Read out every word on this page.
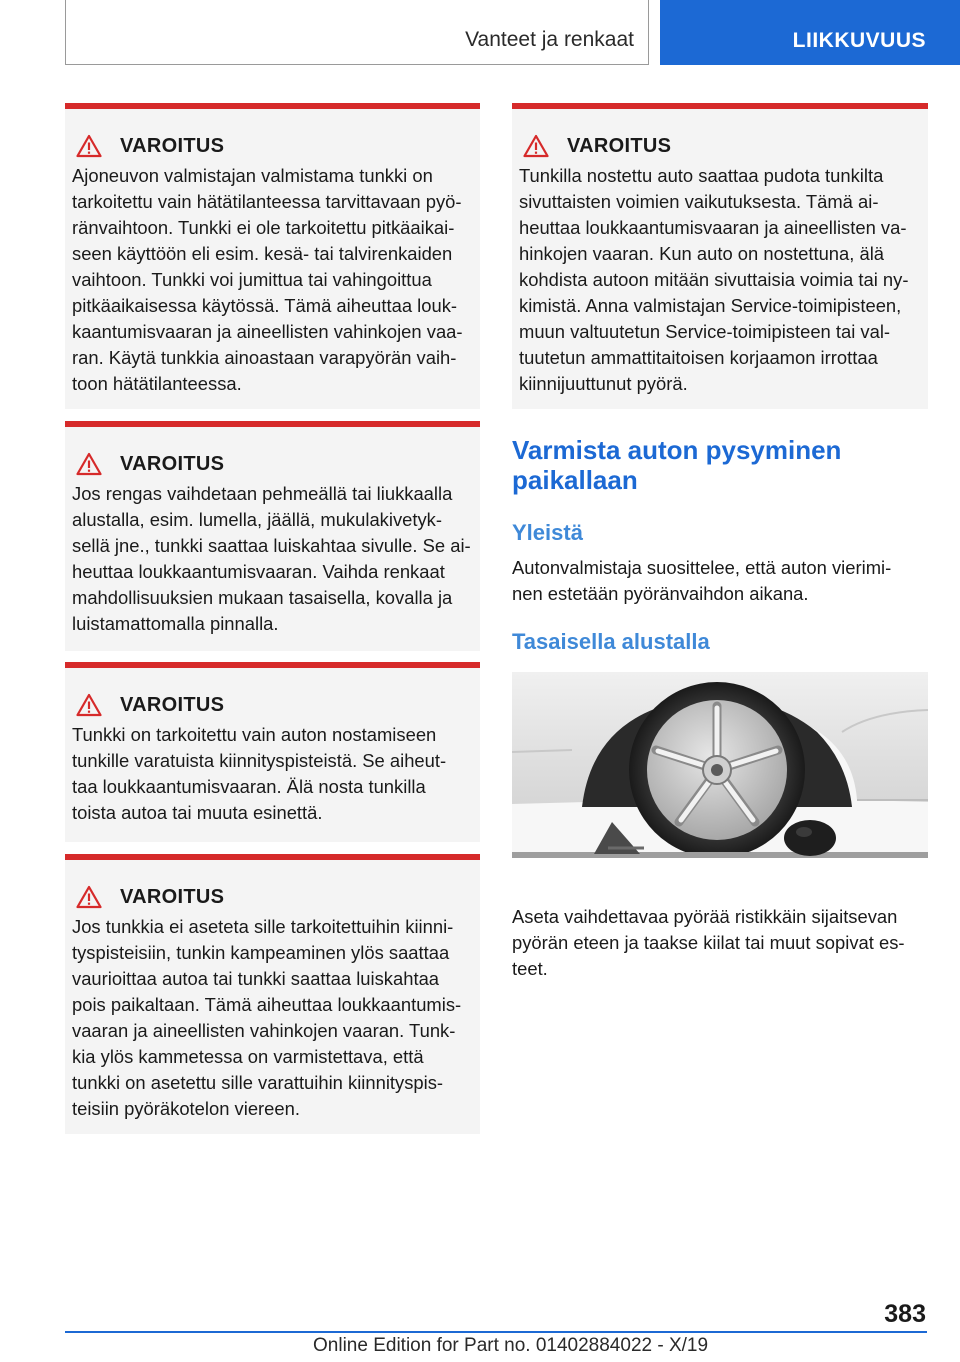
Vanteet ja renkaat	LIIKKUVUUS
VAROITUS
Ajoneuvon valmistajan valmistama tunkki on
tarkoitettu vain hätätilanteessa tarvittavaan pyö-
ränvaihtoon. Tunkki ei ole tarkoitettu pitkäaikai-
seen käyttöön eli esim. kesä- tai talvirenkaiden
vaihtoon. Tunkki voi jumittua tai vahingoittua
pitkäaikaisessa käytössä. Tämä aiheuttaa louk-
kaantumisvaaran ja aineellisten vahinkojen vaa-
ran. Käytä tunkkia ainoastaan varapyörän vaih-
toon hätätilanteessa.
VAROITUS
Jos rengas vaihdetaan pehmeällä tai liukkaalla
alustalla, esim. lumella, jäällä, mukulakivetyk-
sellä jne., tunkki saattaa luiskahtaa sivulle. Se ai-
heuttaa loukkaantumisvaaran. Vaihda renkaat
mahdollisuuksien mukaan tasaisella, kovalla ja
luistamattomalla pinnalla.
VAROITUS
Tunkki on tarkoitettu vain auton nostamiseen
tunkille varatuista kiinnityspisteistä. Se aiheut-
taa loukkaantumisvaaran. Älä nosta tunkilla
toista autoa tai muuta esinettä.
VAROITUS
Jos tunkkia ei aseteta sille tarkoitettuihin kiinni-
tyspisteisiin, tunkin kampeaminen ylös saattaa
vaurioittaa autoa tai tunkki saattaa luiskahtaa
pois paikaltaan. Tämä aiheuttaa loukkaantumis-
vaaran ja aineellisten vahinkojen vaaran. Tunk-
kia ylös kammetessa on varmistettava, että
tunkki on asetettu sille varattuihin kiinnityspis-
teisiin pyöräkotelon viereen.
VAROITUS
Tunkilla nostettu auto saattaa pudota tunkilta
sivuttaisten voimien vaikutuksesta. Tämä ai-
heuttaa loukkaantumisvaaran ja aineellisten va-
hinkojen vaaran. Kun auto on nostettuna, älä
kohdista autoon mitään sivuttaisia voimia tai ny-
kimistä. Anna valmistajan Service-toimipisteen,
muun valtuutetun Service-toimipisteen tai val-
tuutetun ammattitaitoisen korjaamon irrottaa
kiinnijuuttunut pyörä.
Varmista auton pysyminen
paikallaan
Yleistä
Autonvalmistaja suosittelee, että auton vierimi-
nen estetään pyöränvaihdon aikana.
Tasaisella alustalla
Aseta vaihdettavaa pyörää ristikkäin sijaitsevan
pyörän eteen ja taakse kiilat tai muut sopivat es-
teet.
383
Online Edition for Part no. 01402884022 - X/19
